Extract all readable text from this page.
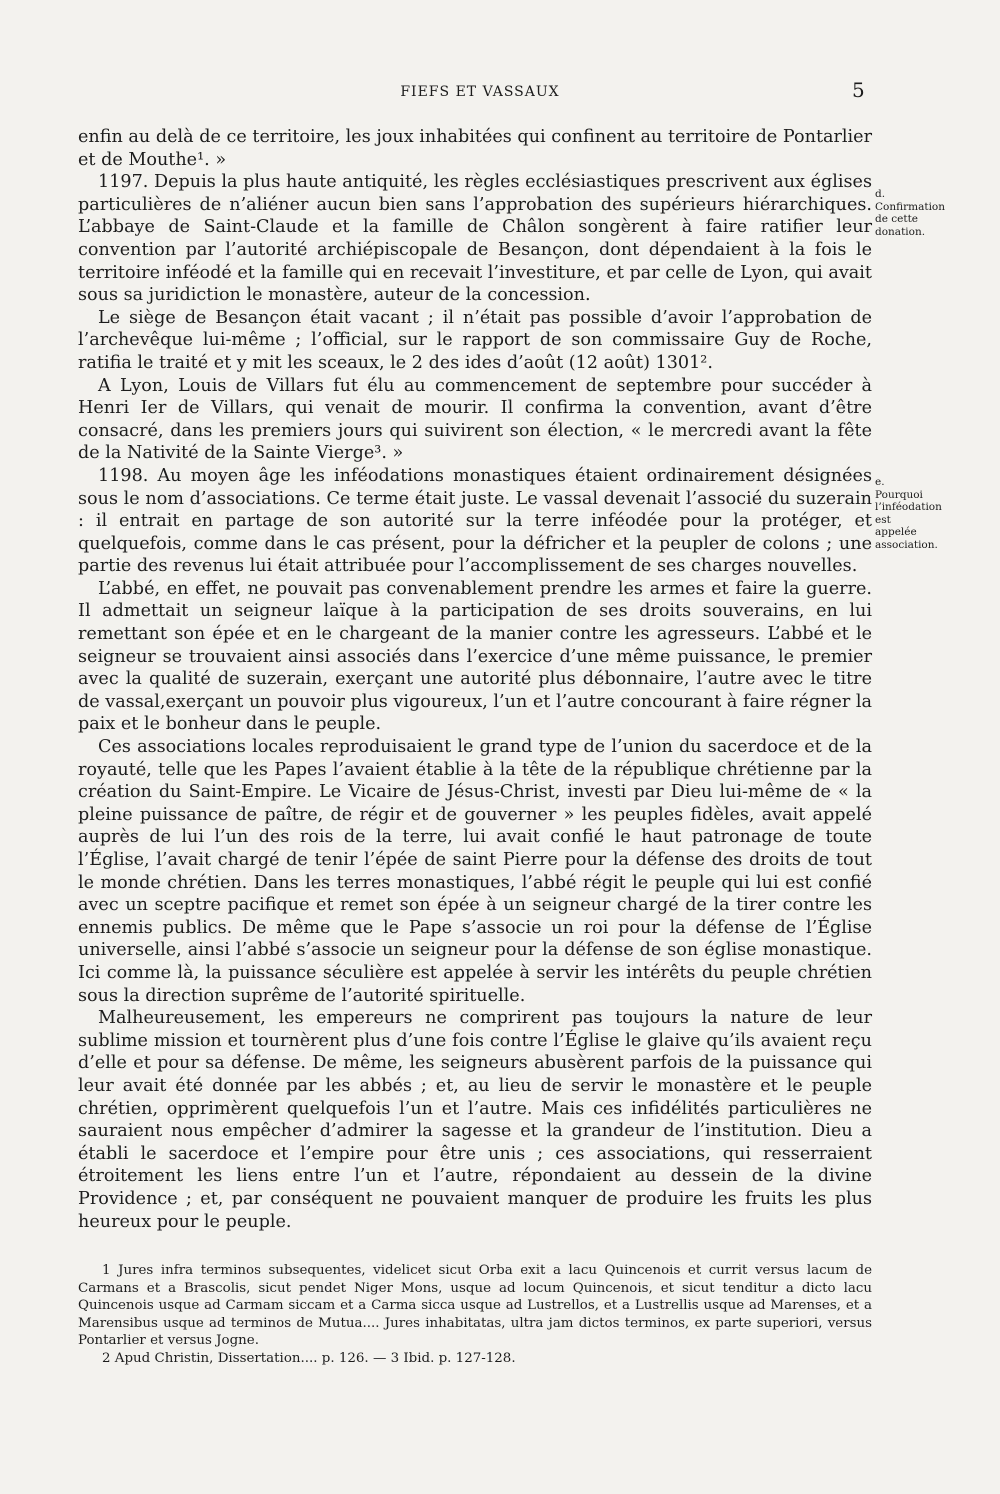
FIEFS ET VASSAUX	5

enfin au delà de ce territoire, les joux inhabitées qui confinent au territoire de Pontarlier et de Mouthe¹. »

1197. Depuis la plus haute antiquité, les règles ecclésiastiques prescrivent aux églises particulières de n’aliéner aucun bien sans l’approbation des supérieurs hiérarchiques. L’abbaye de Saint-Claude et la famille de Châlon songèrent à faire ratifier leur convention par l’autorité archiépiscopale de Besançon, dont dépendaient à la fois le territoire inféodé et la famille qui en recevait l’investiture, et par celle de Lyon, qui avait sous sa juridiction le monastère, auteur de la concession.

Le siège de Besançon était vacant ; il n’était pas possible d’avoir l’approbation de l’archevêque lui-même ; l’official, sur le rapport de son commissaire Guy de Roche, ratifia le traité et y mit les sceaux, le 2 des ides d’août (12 août) 1301².

A Lyon, Louis de Villars fut élu au commencement de septembre pour succéder à Henri Ier de Villars, qui venait de mourir. Il confirma la convention, avant d’être consacré, dans les premiers jours qui suivirent son élection, « le mercredi avant la fête de la Nativité de la Sainte Vierge³. »

1198. Au moyen âge les inféodations monastiques étaient ordinairement désignées sous le nom d’associations. Ce terme était juste. Le vassal devenait l’associé du suzerain : il entrait en partage de son autorité sur la terre inféodée pour la protéger, et quelquefois, comme dans le cas présent, pour la défricher et la peupler de colons ; une partie des revenus lui était attribuée pour l’accomplissement de ses charges nouvelles.

L’abbé, en effet, ne pouvait pas convenablement prendre les armes et faire la guerre. Il admettait un seigneur laïque à la participation de ses droits souverains, en lui remettant son épée et en le chargeant de la manier contre les agresseurs. L’abbé et le seigneur se trouvaient ainsi associés dans l’exercice d’une même puissance, le premier avec la qualité de suzerain, exerçant une autorité plus débonnaire, l’autre avec le titre de vassal,exerçant un pouvoir plus vigoureux, l’un et l’autre concourant à faire régner la paix et le bonheur dans le peuple.

Ces associations locales reproduisaient le grand type de l’union du sacerdoce et de la royauté, telle que les Papes l’avaient établie à la tête de la république chrétienne par la création du Saint-Empire. Le Vicaire de Jésus-Christ, investi par Dieu lui-même de « la pleine puissance de paître, de régir et de gouverner » les peuples fidèles, avait appelé auprès de lui l’un des rois de la terre, lui avait confié le haut patronage de toute l’Église, l’avait chargé de tenir l’épée de saint Pierre pour la défense des droits de tout le monde chrétien. Dans les terres monastiques, l’abbé régit le peuple qui lui est confié avec un sceptre pacifique et remet son épée à un seigneur chargé de la tirer contre les ennemis publics. De même que le Pape s’associe un roi pour la défense de l’Église universelle, ainsi l’abbé s’associe un seigneur pour la défense de son église monastique. Ici comme là, la puissance séculière est appelée à servir les intérêts du peuple chrétien sous la direction suprême de l’autorité spirituelle.

Malheureusement, les empereurs ne comprirent pas toujours la nature de leur sublime mission et tournèrent plus d’une fois contre l’Église le glaive qu’ils avaient reçu d’elle et pour sa défense. De même, les seigneurs abusèrent parfois de la puissance qui leur avait été donnée par les abbés ; et, au lieu de servir le monastère et le peuple chrétien, opprimèrent quelquefois l’un et l’autre. Mais ces infidélités particulières ne sauraient nous empêcher d’admirer la sagesse et la grandeur de l’institution. Dieu a établi le sacerdoce et l’empire pour être unis ; ces associations, qui resserraient étroitement les liens entre l’un et l’autre, répondaient au dessein de la divine Providence ; et, par conséquent ne pouvaient manquer de produire les fruits les plus heureux pour le peuple.

d. Confirmation de cette donation.
e. Pourquoi l’inféodation est appelée association.

1 Jures infra terminos subsequentes, videlicet sicut Orba exit a lacu Quincenois et currit versus lacum de Carmans et a Brascolis, sicut pendet Niger Mons, usque ad locum Quincenois, et sicut tenditur a dicto lacu Quincenois usque ad Carmam siccam et a Carma sicca usque ad Lustrellos, et a Lustrellis usque ad Marenses, et a Marensibus usque ad terminos de Mutua.... Jures inhabitatas, ultra jam dictos terminos, ex parte superiori, versus Pontarlier et versus Jogne.

2 Apud Christin, Dissertation.... p. 126. — 3 Ibid. p. 127-128.
